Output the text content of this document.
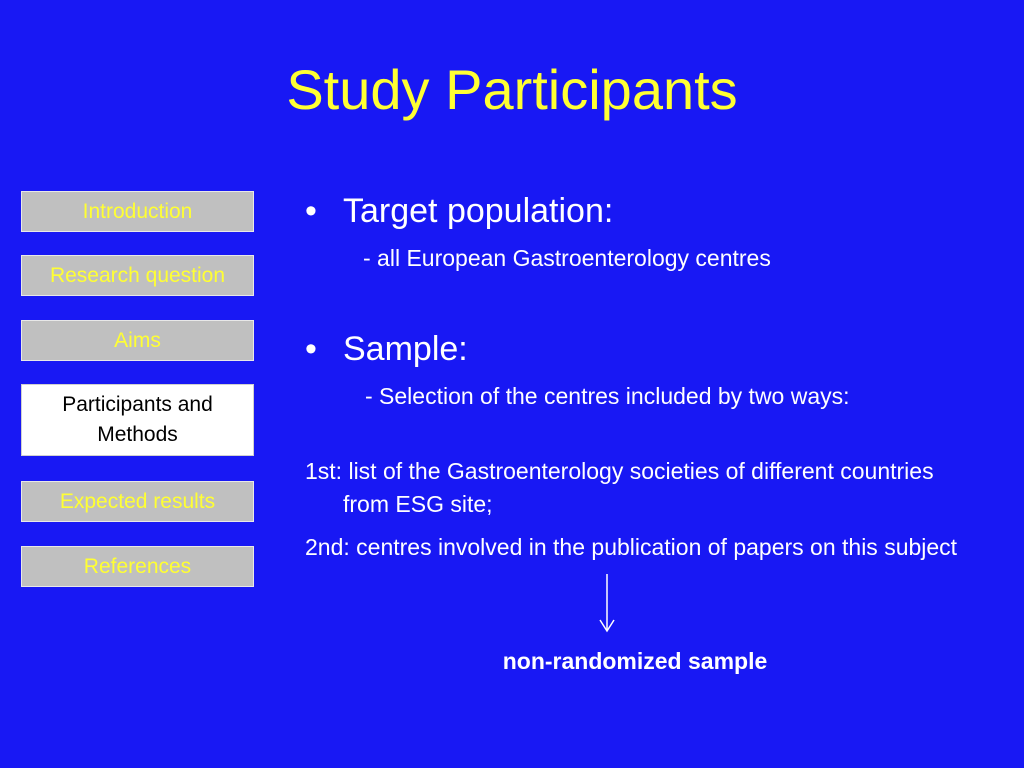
Study Participants
Introduction
Research question
Aims
Participants and Methods
Expected results
References
• Target population:
- all European Gastroenterology centres
• Sample:
- Selection of the centres included by two ways:
1st: list of the Gastroenterology societies of different countries from ESG site;
2nd: centres involved in the publication of papers on this subject
non-randomized sample
